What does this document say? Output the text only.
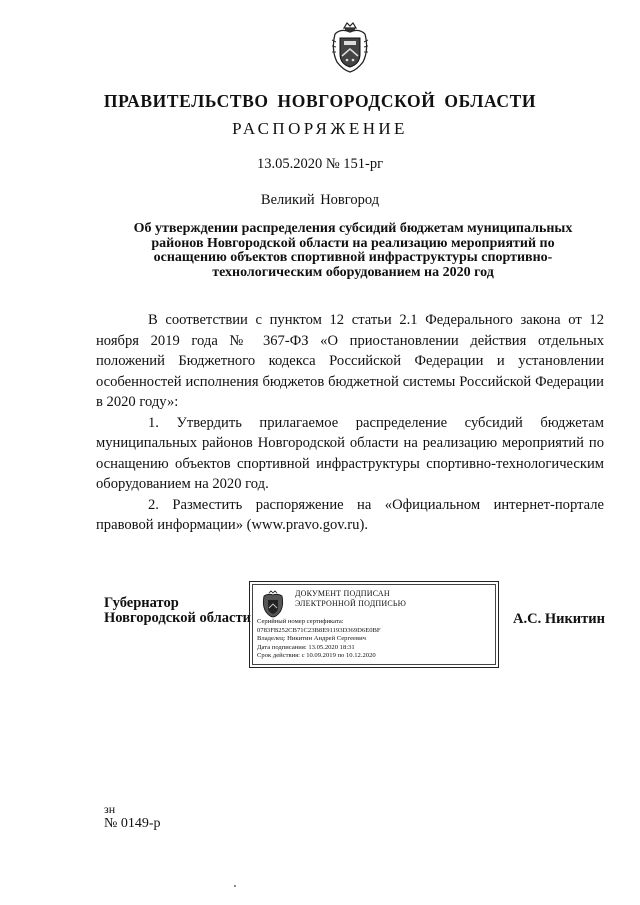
ПРАВИТЕЛЬСТВО НОВГОРОДСКОЙ ОБЛАСТИ
РАСПОРЯЖЕНИЕ
13.05.2020 № 151-рг
Великий Новгород
Об утверждении распределения субсидий бюджетам муниципальных районов Новгородской области на реализацию мероприятий по оснащению объектов спортивной инфраструктуры спортивно-технологическим оборудованием на 2020 год

В соответствии с пунктом 12 статьи 2.1 Федерального закона от 12 ноября 2019 года № 367-ФЗ «О приостановлении действия отдельных положений Бюджетного кодекса Российской Федерации и установлении особенностей исполнения бюджетов бюджетной системы Российской Федерации в 2020 году»:

1. Утвердить прилагаемое распределение субсидий бюджетам муниципальных районов Новгородской области на реализацию мероприятий по оснащению объектов спортивной инфраструктуры спортивно-технологическим оборудованием на 2020 год.

2. Разместить распоряжение на «Официальном интернет-портале правовой информации» (www.pravo.gov.ru).

Губернатор
Новгородской области
ДОКУМЕНТ ПОДПИСАН
ЭЛЕКТРОННОЙ ПОДПИСЬЮ
Серийный номер сертификата:
0783FB252CB71C23B8E91193D369D6E0BF
Владелец: Никитин Андрей Сергеевич
Дата подписания: 13.05.2020 18:31
Срок действия: с 10.09.2019 по 10.12.2020
А.С. Никитин
зн
№ 0149-р
